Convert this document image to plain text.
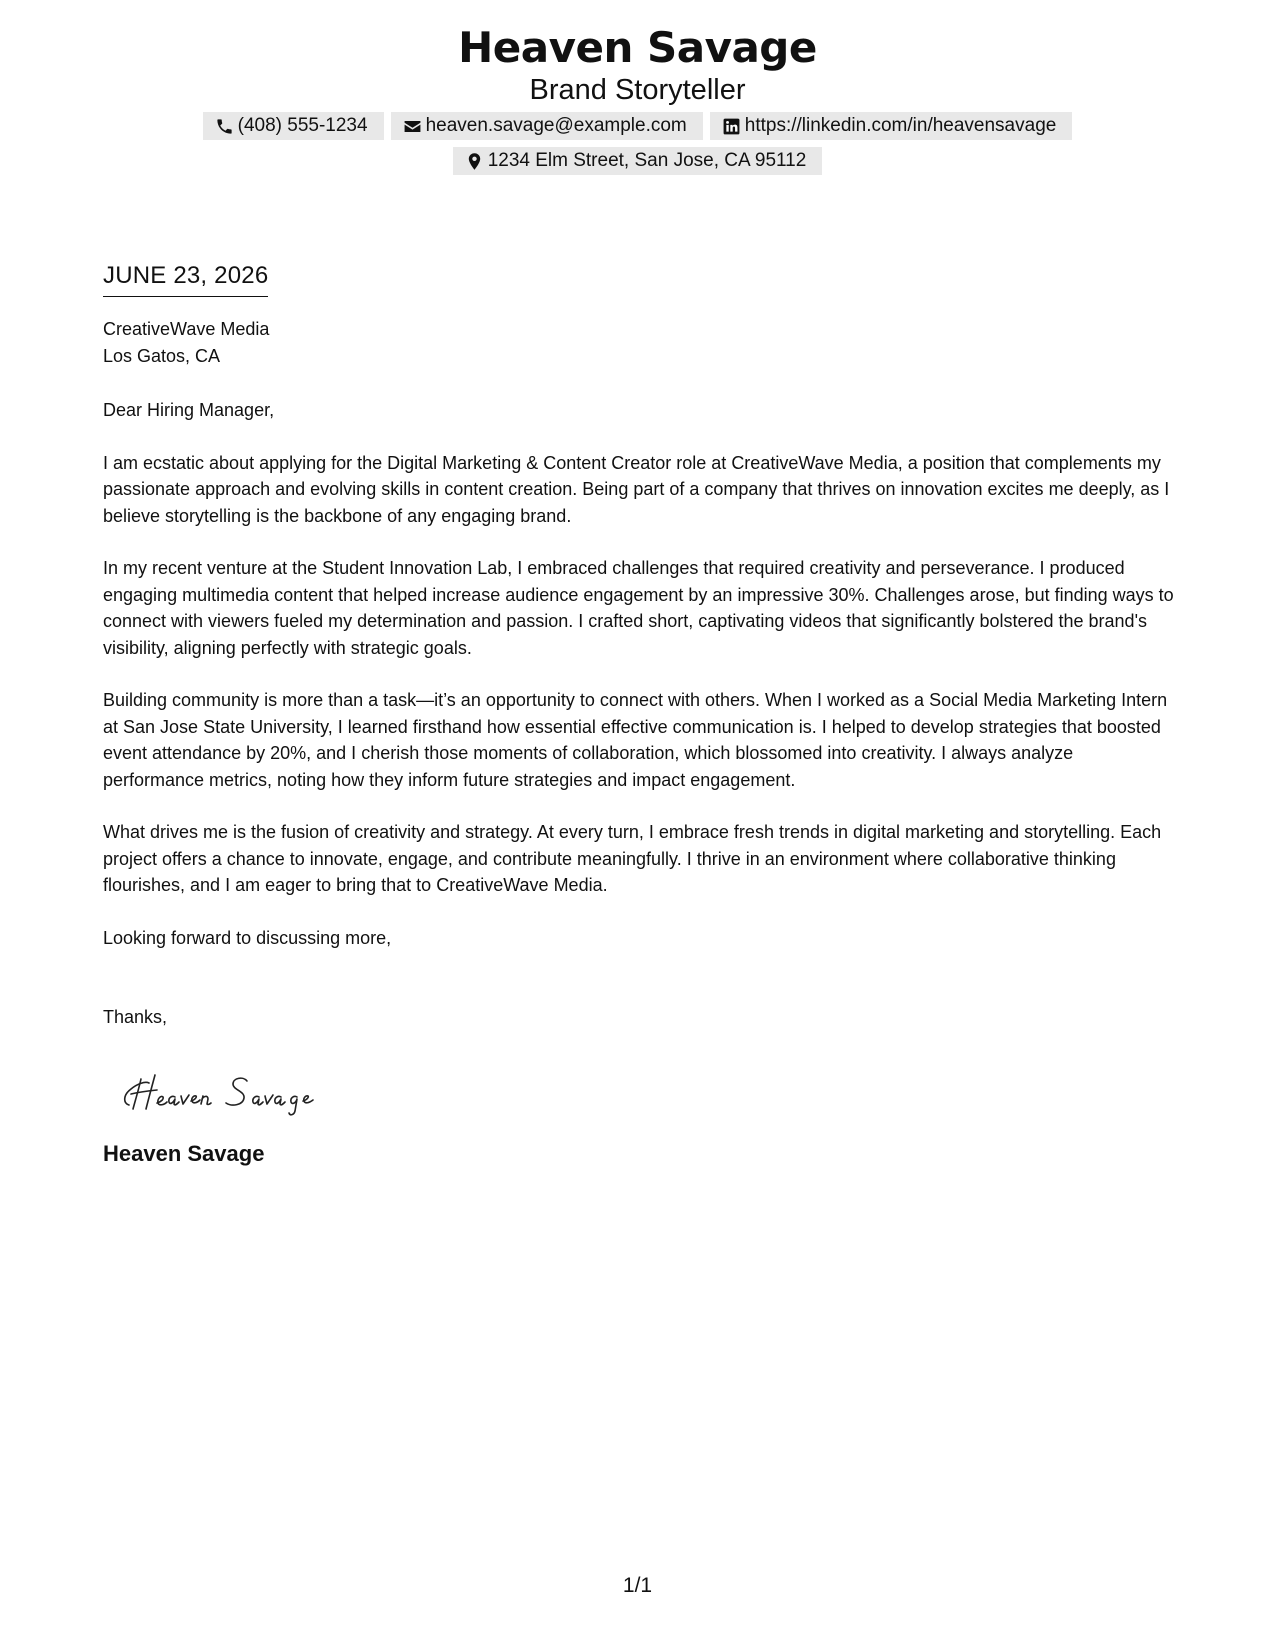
Heaven Savage
Brand Storyteller
(408) 555-1234	heaven.savage@example.com	https://linkedin.com/in/heavensavage
1234 Elm Street, San Jose, CA 95112
JUNE 23, 2026
CreativeWave Media
Los Gatos, CA

Dear Hiring Manager,

I am ecstatic about applying for the Digital Marketing & Content Creator role at CreativeWave Media, a position that complements my passionate approach and evolving skills in content creation. Being part of a company that thrives on innovation excites me deeply, as I believe storytelling is the backbone of any engaging brand.

In my recent venture at the Student Innovation Lab, I embraced challenges that required creativity and perseverance. I produced engaging multimedia content that helped increase audience engagement by an impressive 30%. Challenges arose, but finding ways to connect with viewers fueled my determination and passion. I crafted short, captivating videos that significantly bolstered the brand's visibility, aligning perfectly with strategic goals.

Building community is more than a task—it’s an opportunity to connect with others. When I worked as a Social Media Marketing Intern at San Jose State University, I learned firsthand how essential effective communication is. I helped to develop strategies that boosted event attendance by 20%, and I cherish those moments of collaboration, which blossomed into creativity. I always analyze performance metrics, noting how they inform future strategies and impact engagement.

What drives me is the fusion of creativity and strategy. At every turn, I embrace fresh trends in digital marketing and storytelling. Each project offers a chance to innovate, engage, and contribute meaningfully. I thrive in an environment where collaborative thinking flourishes, and I am eager to bring that to CreativeWave Media.

Looking forward to discussing more,

Thanks,

Heaven Savage
1/1
